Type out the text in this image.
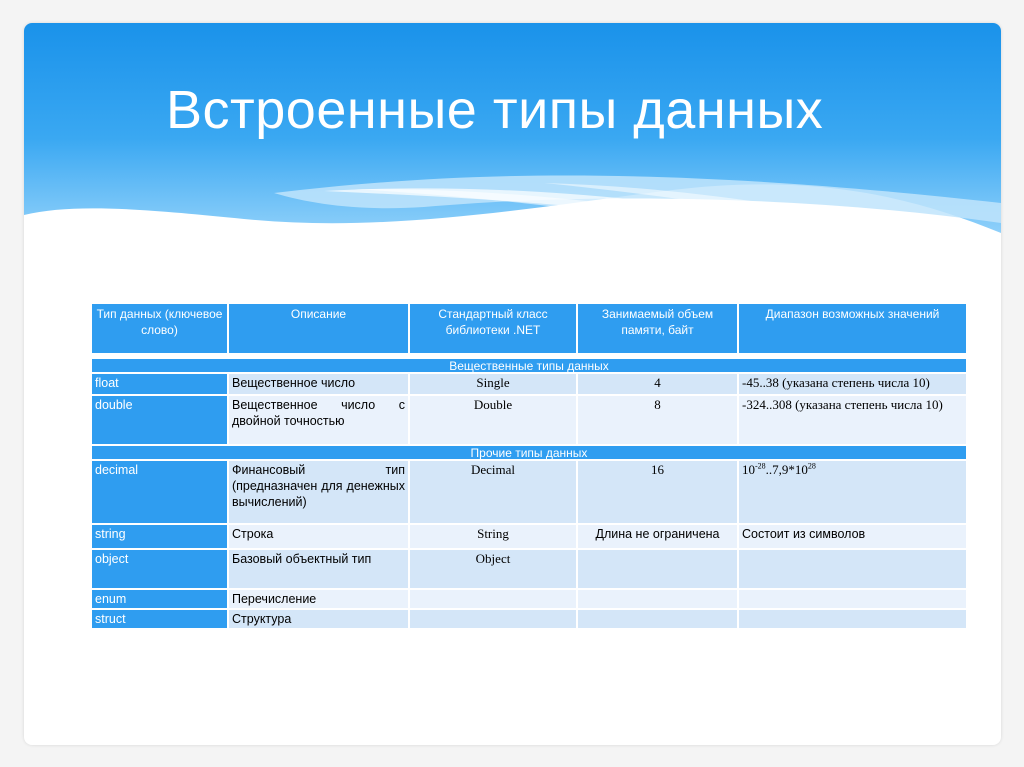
Встроенные типы данных
Тип данных (ключевое слово)	Описание	Стандартный класс библиотеки .NET	Занимаемый объем памяти, байт	Диапазон возможных значений

Вещественные типы данных				
float	Вещественное число	Single	4	-45..38 (указана степень числа 10)
double	Вещественное число с двойной точностью	Double	8	-324..308 (указана степень числа 10)
Прочие типы данных				
decimal	Финансовый тип (предназначен для денежных вычислений)	Decimal	16	$10^{-28}..7,9*10^{28}$
string	Строка	String	Длина не ограничена	Состоит из символов
object	Базовый объектный тип	Object		
enum	Перечисление			
struct	Структура			
